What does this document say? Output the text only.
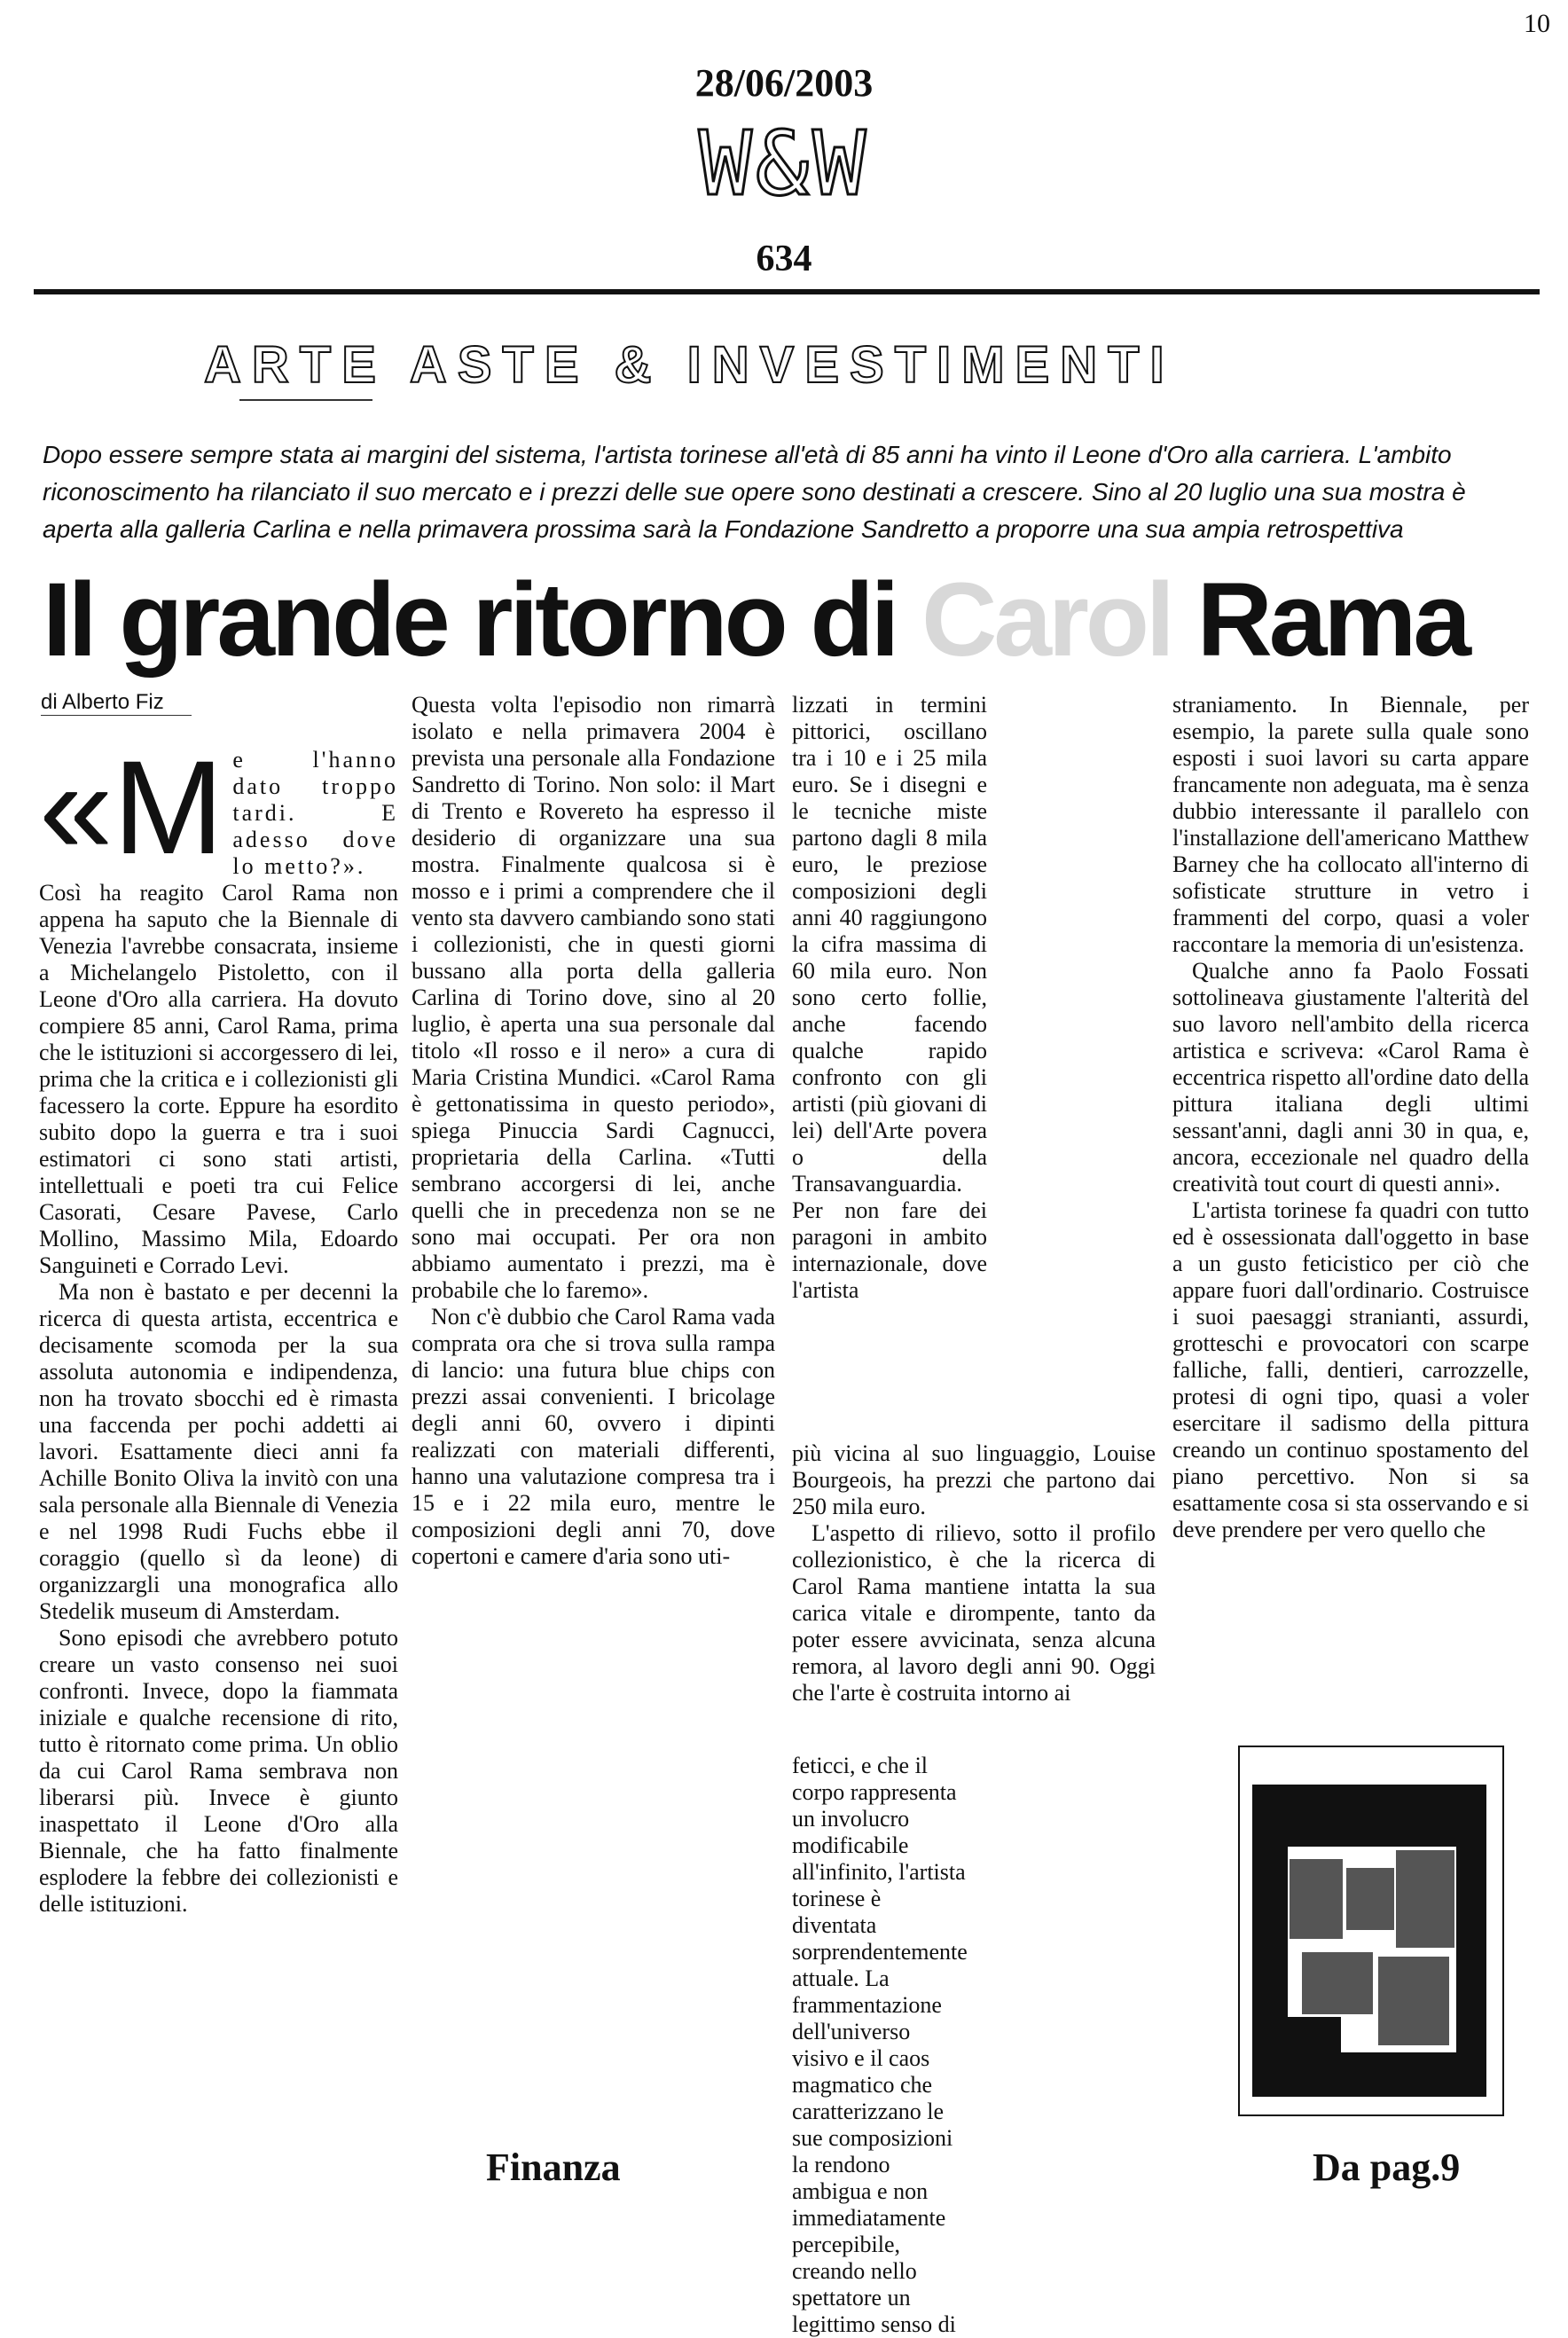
10
28/06/2003
W&W
634
ARTE ASTE & INVESTIMENTI
Dopo essere sempre stata ai margini del sistema, l'artista torinese all'età di 85 anni ha vinto il Leone d'Oro alla carriera. L'ambito riconoscimento ha rilanciato il suo mercato e i prezzi delle sue opere sono destinati a crescere. Sino al 20 luglio una sua mostra è aperta alla galleria Carlina e nella primavera prossima sarà la Fondazione Sandretto a proporre una sua ampia retrospettiva
Il grande ritorno di Carol Rama
di Alberto Fiz
«M e l'hanno dato troppo tardi. E adesso dove lo metto?».

Così ha reagito Carol Rama non appena ha saputo che la Biennale di Venezia l'avrebbe consacrata, insieme a Michelangelo Pistoletto, con il Leone d'Oro alla carriera. Ha dovuto compiere 85 anni, Carol Rama, prima che le istituzioni si accorgessero di lei, prima che la critica e i collezionisti gli facessero la corte. Eppure ha esordito subito dopo la guerra e tra i suoi estimatori ci sono stati artisti, intellettuali e poeti tra cui Felice Casorati, Cesare Pavese, Carlo Mollino, Massimo Mila, Edoardo Sanguineti e Corrado Levi.

Ma non è bastato e per decenni la ricerca di questa artista, eccentrica e decisamente scomoda per la sua assoluta autonomia e indipendenza, non ha trovato sbocchi ed è rimasta una faccenda per pochi addetti ai lavori. Esattamente dieci anni fa Achille Bonito Oliva la invitò con una sala personale alla Biennale di Venezia e nel 1998 Rudi Fuchs ebbe il coraggio (quello sì da leone) di organizzargli una monografica allo Stedelik museum di Amsterdam.

Sono episodi che avrebbero potuto creare un vasto consenso nei suoi confronti. Invece, dopo la fiammata iniziale e qualche recensione di rito, tutto è ritornato come prima. Un oblio da cui Carol Rama sembrava non liberarsi più. Invece è giunto inaspettato il Leone d'Oro alla Biennale, che ha fatto finalmente esplodere la febbre dei collezionisti e delle istituzioni.

Questa volta l'episodio non rimarrà isolato e nella primavera 2004 è prevista una personale alla Fondazione Sandretto di Torino. Non solo: il Mart di Trento e Rovereto ha espresso il desiderio di organizzare una sua mostra. Finalmente qualcosa si è mosso e i primi a comprendere che il vento sta davvero cambiando sono stati i collezionisti, che in questi giorni bussano alla porta della galleria Carlina di Torino dove, sino al 20 luglio, è aperta una sua personale dal titolo «Il rosso e il nero» a cura di Maria Cristina Mundici. «Carol Rama è gettonatissima in questo periodo», spiega Pinuccia Sardi Cagnucci, proprietaria della Carlina. «Tutti sembrano accorgersi di lei, anche quelli che in precedenza non se ne sono mai occupati. Per ora non abbiamo aumentato i prezzi, ma è probabile che lo faremo».

Non c'è dubbio che Carol Rama vada comprata ora che si trova sulla rampa di lancio: una futura blue chips con prezzi assai convenienti. I bricolage degli anni 60, ovvero i dipinti realizzati con materiali differenti, hanno una valutazione compresa tra i 15 e i 22 mila euro, mentre le composizioni degli anni 70, dove copertoni e camere d'aria sono uti-

lizzati in termini pittorici, oscillano tra i 10 e i 25 mila euro. Se i disegni e le tecniche miste partono dagli 8 mila euro, le preziose composizioni degli anni 40 raggiungono la cifra massima di 60 mila euro. Non sono certo follie, anche facendo qualche rapido confronto con gli artisti (più giovani di lei) dell'Arte povera o della Transavanguardia. Per non fare dei paragoni in ambito internazionale, dove l'artista

più vicina al suo linguaggio, Louise Bourgeois, ha prezzi che partono dai 250 mila euro.

L'aspetto di rilievo, sotto il profilo collezionistico, è che la ricerca di Carol Rama mantiene intatta la sua carica vitale e dirompente, tanto da poter essere avvicinata, senza alcuna remora, al lavoro degli anni 90. Oggi che l'arte è costruita intorno ai

feticci, e che il corpo rappresenta un involucro modificabile all'infinito, l'artista torinese è diventata sorprendentemente attuale. La frammentazione dell'universo visivo e il caos magmatico che caratterizzano le sue composizioni la rendono ambigua e non immediatamente percepibile, creando nello spettatore un legittimo senso di

straniamento. In Biennale, per esempio, la parete sulla quale sono esposti i suoi lavori su carta appare francamente non adeguata, ma è senza dubbio interessante il parallelo con l'installazione dell'americano Matthew Barney che ha collocato all'interno di sofisticate strutture in vetro i frammenti del corpo, quasi a voler raccontare la memoria di un'esistenza.

Qualche anno fa Paolo Fossati sottolineava giustamente l'alterità del suo lavoro nell'ambito della ricerca artistica e scriveva: «Carol Rama è eccentrica rispetto all'ordine dato della pittura italiana degli ultimi sessant'anni, dagli anni 30 in qua, e, ancora, eccezionale nel quadro della creatività tout court di questi anni».

L'artista torinese fa quadri con tutto ed è ossessionata dall'oggetto in base a un gusto feticistico per ciò che appare fuori dall'ordinario. Costruisce i suoi paesaggi stranianti, assurdi, grotteschi e provocatori con scarpe falliche, falli, dentieri, carrozzelle, protesi di ogni tipo, quasi a voler esercitare il sadismo della pittura creando un continuo spostamento del piano percettivo. Non si sa esattamente cosa si sta osservando e si deve prendere per vero quello che

Finanza	Da pag.9
